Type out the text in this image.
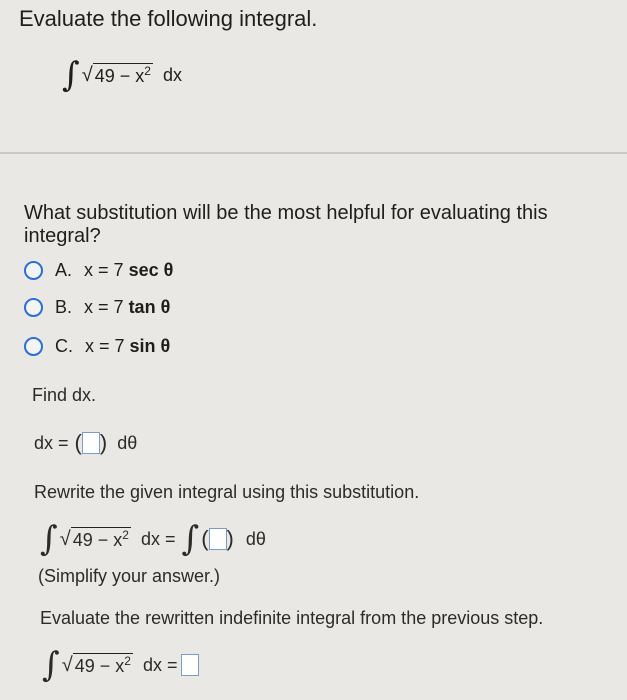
Evaluate the following integral.
∫ √ $49 - x^2$ dx
What substitution will be the most helpful for evaluating this integral?
A. x = 7 sec θ
B. x = 7 tan θ
C. x = 7 sin θ
Find dx.
dx = ( ) dθ
Rewrite the given integral using this substitution.
∫ √ $49 - x^2$ dx = ∫ ( ) dθ
(Simplify your answer.)
Evaluate the rewritten indefinite integral from the previous step.
∫ √ $49 - x^2$ dx =
